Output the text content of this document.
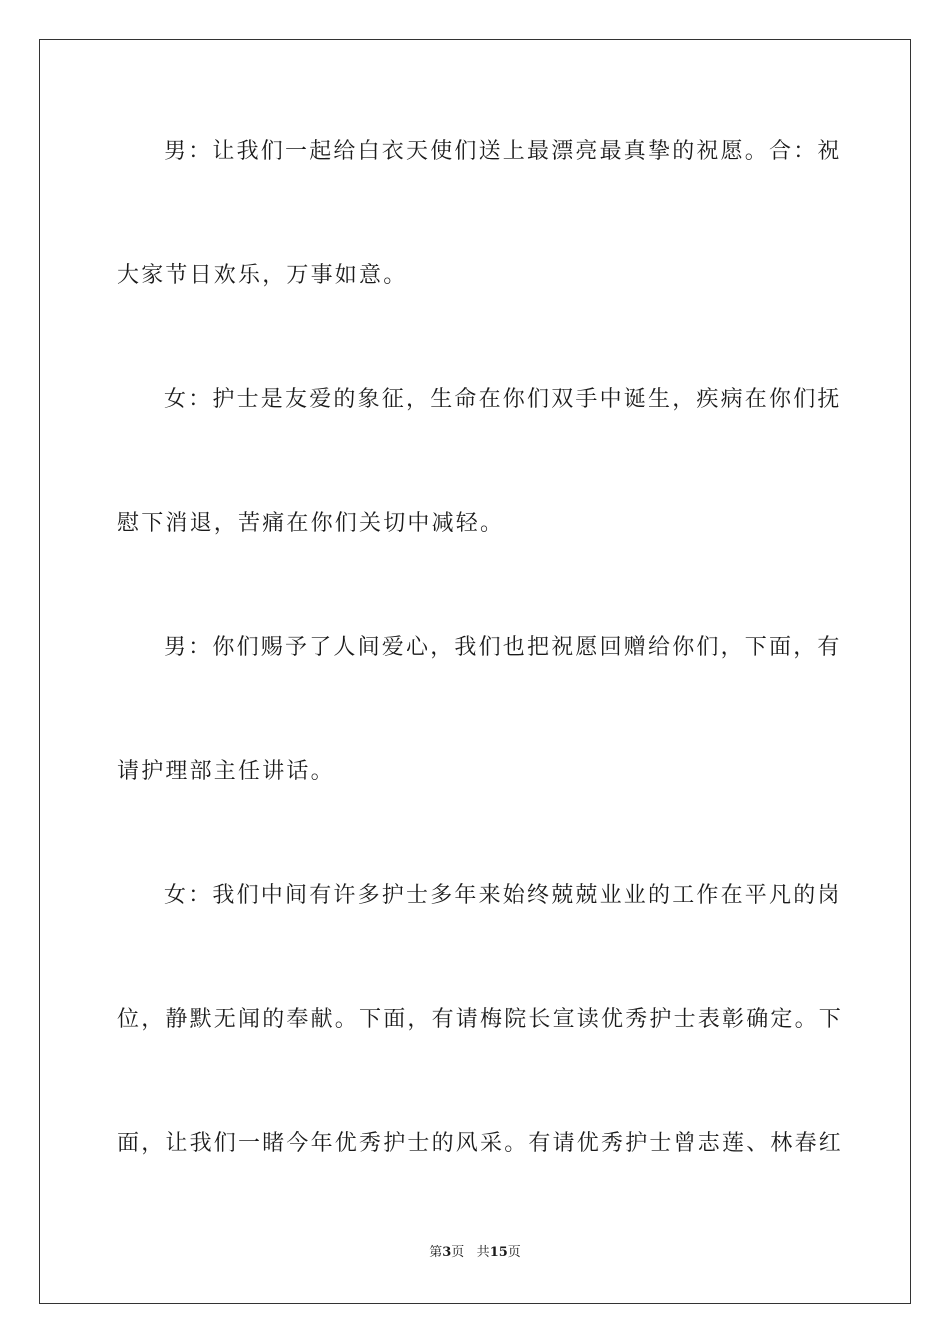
男：让我们一起给白衣天使们送上最漂亮最真挚的祝愿。合：祝
大家节日欢乐，万事如意。
女：护士是友爱的象征，生命在你们双手中诞生，疾病在你们抚
慰下消退，苦痛在你们关切中减轻。
男：你们赐予了人间爱心，我们也把祝愿回赠给你们，下面，有
请护理部主任讲话。
女：我们中间有许多护士多年来始终兢兢业业的工作在平凡的岗
位，静默无闻的奉献。下面，有请梅院长宣读优秀护士表彰确定。下
面，让我们一睹今年优秀护士的风采。有请优秀护士曾志莲、林春红
第3页 共15页
